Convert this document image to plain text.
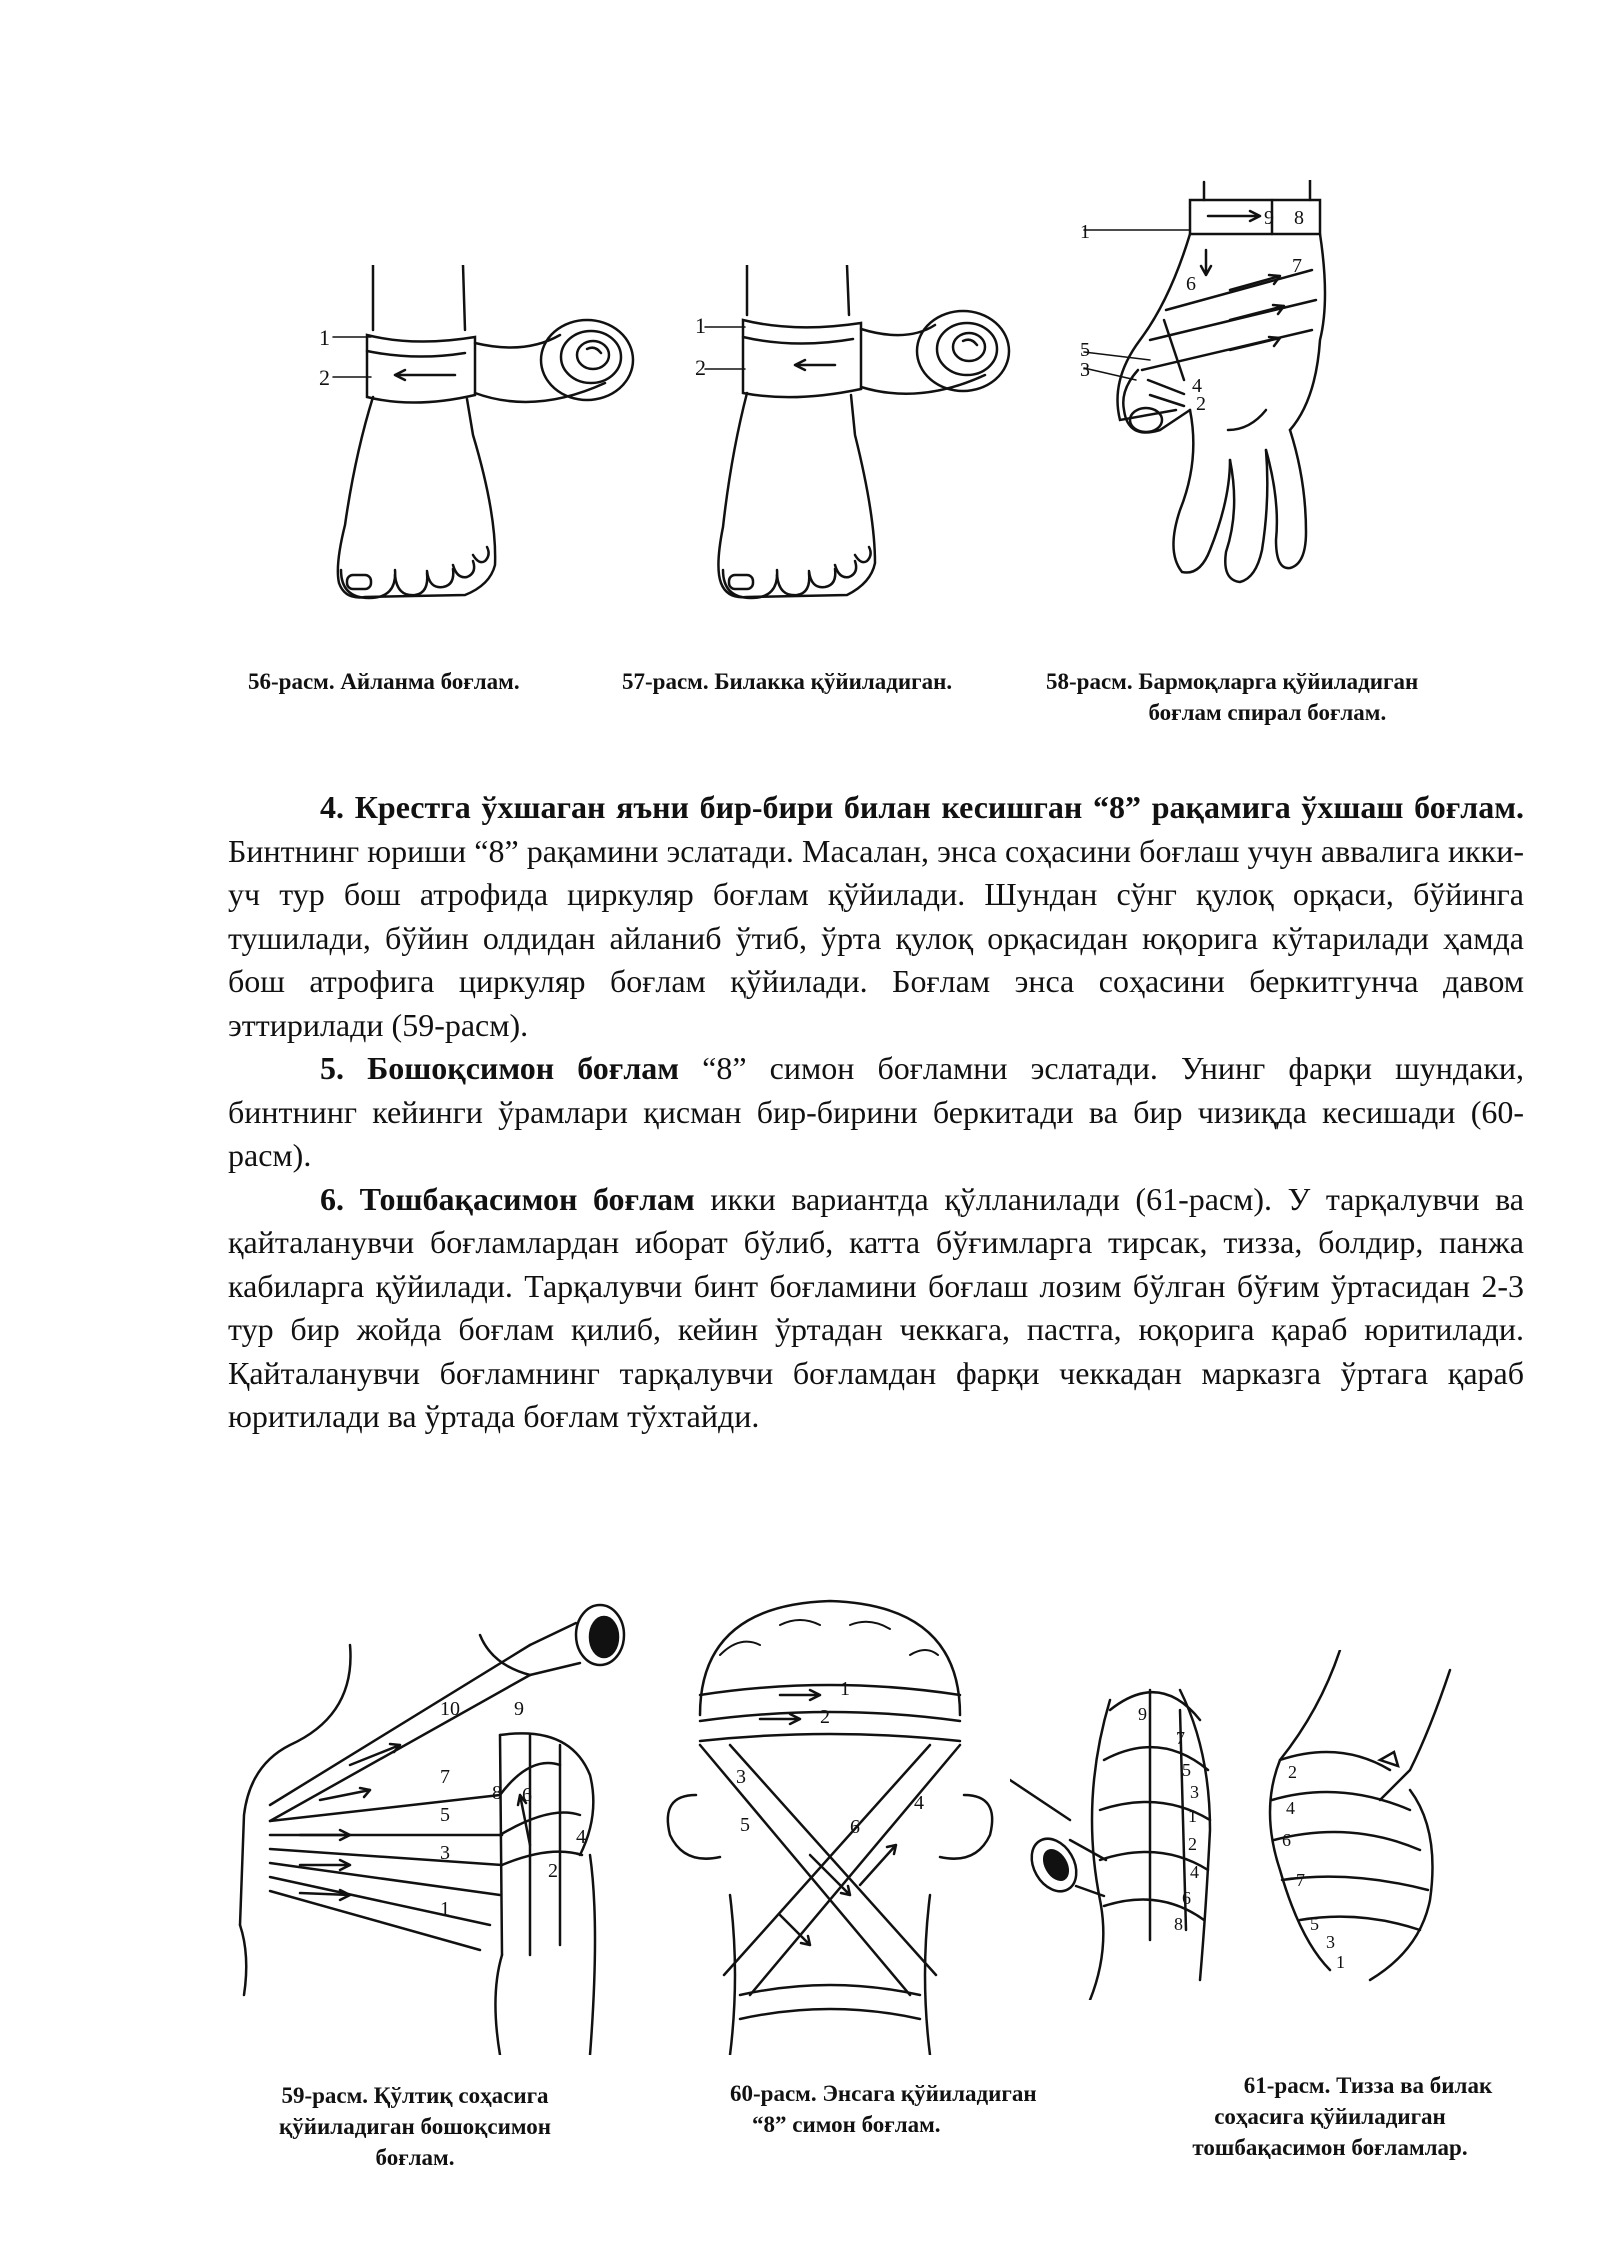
1
2
56-расм. Айланма боғлам.
1
2
57-расм. Билакка қўйиладиган.
1
2
3
4
5
6
7
8
9
58-расм. Бармоқларга қўйиладиган
боғлам спирал боғлам.

4. Крестга ўхшаган яъни бир-бири билан кесишган “8” рақамига ўхшаш боғлам. Бинтнинг юриши “8” рақамини эслатади. Масалан, энса соҳасини боғлаш учун аввалига икки-уч тур бош атрофида циркуляр боғлам қўйилади. Шундан сўнг қулоқ орқаси, бўйинга тушилади, бўйин олдидан айланиб ўтиб, ўрта қулоқ орқасидан юқорига кўтарилади ҳамда бош атрофига циркуляр боғлам қўйилади. Боғлам энса соҳасини беркитгунча давом эттирилади (59-расм).

5. Бошоқсимон боғлам “8” симон боғламни эслатади. Унинг фарқи шундаки, бинтнинг кейинги ўрамлари қисман бир-бирини беркитади ва бир чизиқда кесишади (60-расм).

6. Тошбақасимон боғлам икки вариантда қўлланилади (61-расм). У тарқалувчи ва қайталанувчи боғламлардан иборат бўлиб, катта бўғимларга тирсак, тизза, болдир, панжа кабиларга қўйилади. Тарқалувчи бинт боғламини боғлаш лозим бўлган бўғим ўртасидан 2-3 тур бир жойда боғлам қилиб, кейин ўртадан чеккага, пастга, юқорига қараб юритилади. Қайталанувчи боғламнинг тарқалувчи боғламдан фарқи чеккадан марказга ўртага қараб юритилади ва ўртада боғлам тўхтайди.

1
2
3
4
5
6
7
8
9
10
59-расм. Қўлтиқ соҳасига
қўйиладиган бошоқсимон
боғлам.
1
2
3
4
5	6
60-расм. Энсага қўйиладиган
“8” симон боғлам.
1
2
3
4
5
6
7
8
9
1
2
3
4
5
6
7
61-расм. Тизза ва билак
соҳасига қўйиладиган
тошбақасимон боғламлар.
